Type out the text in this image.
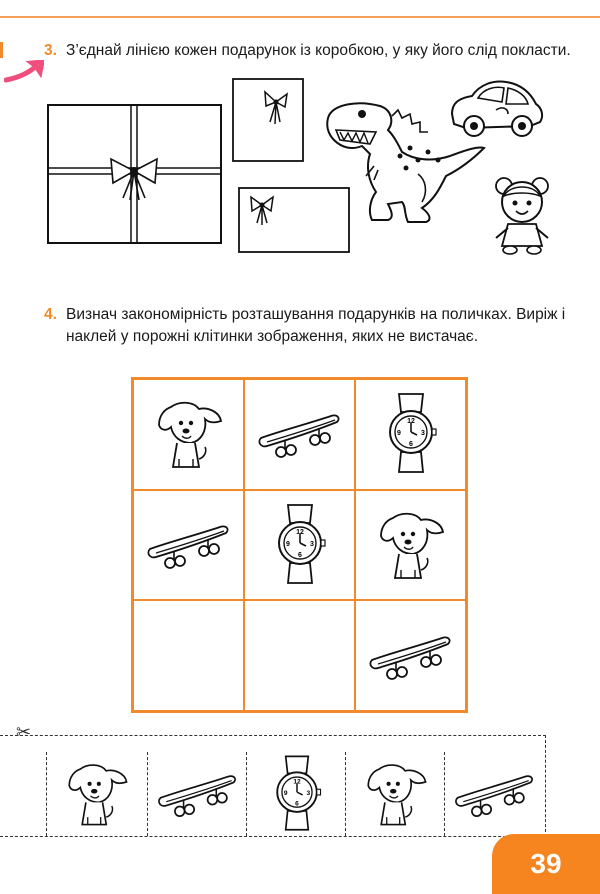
3. З’єднай лінією кожен подарунок із коробкою, у яку його слід покласти.
4. Визнач закономірність розташування подарунків на поличках. Виріж і наклей у порожні клітинки зображення, яких не вистачає.
12
3
6
9
12
3
6
9
✂
12
3
6
9
39
